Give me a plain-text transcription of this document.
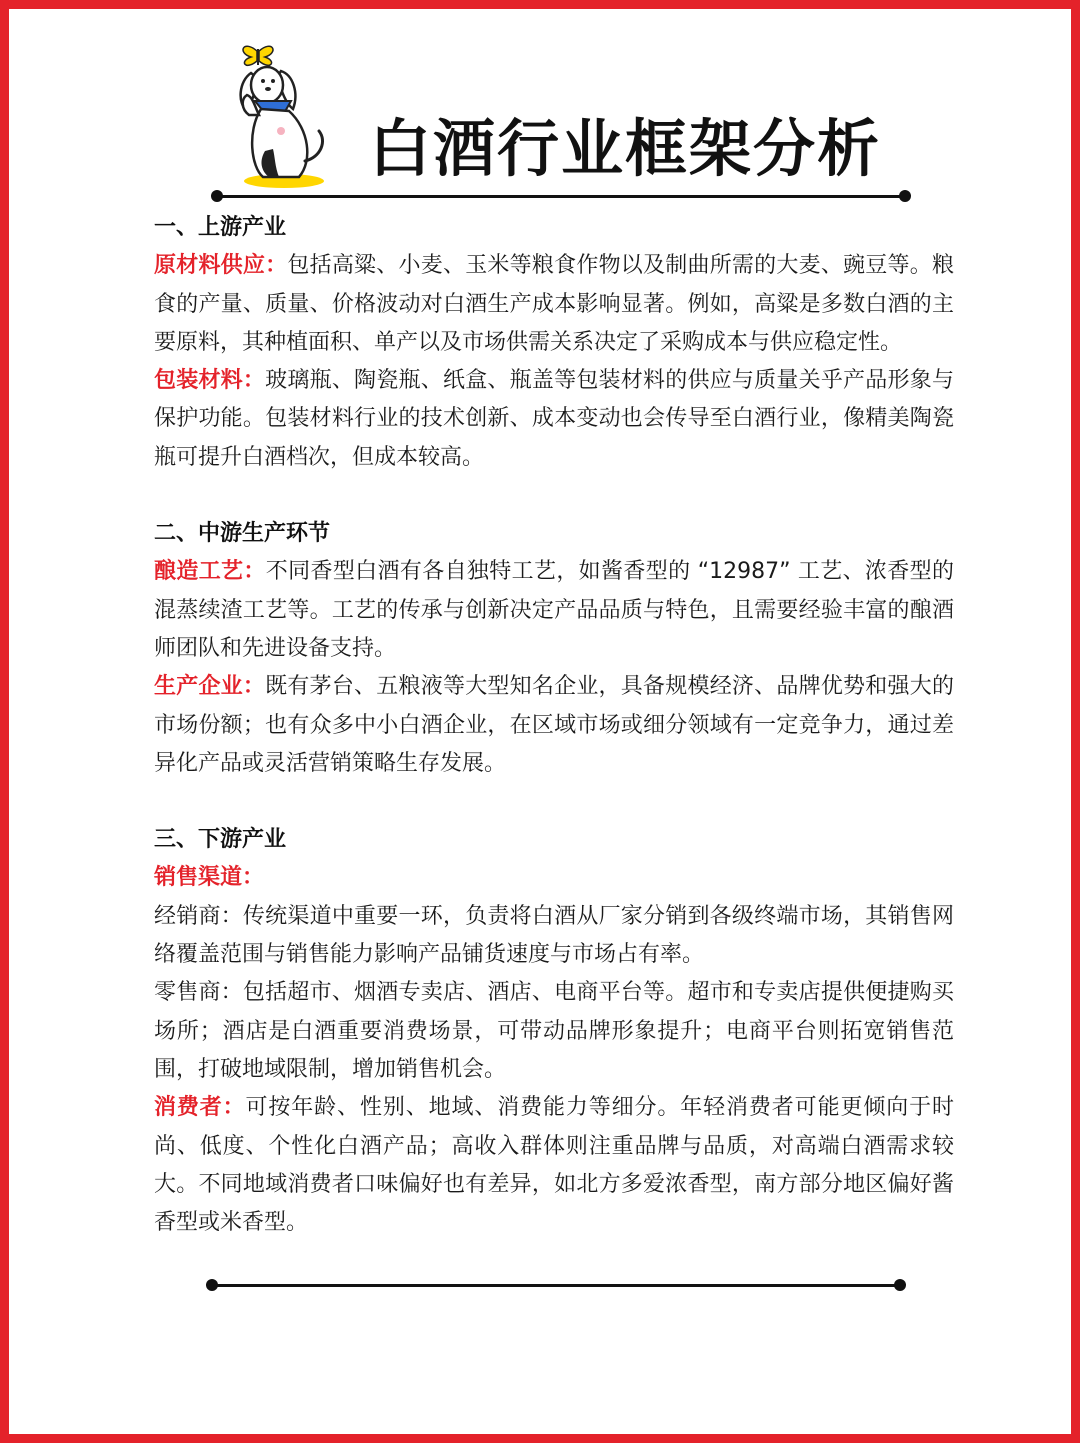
白酒行业框架分析
一、上游产业

原材料供应：包括高粱、小麦、玉米等粮食作物以及制曲所需的大麦、豌豆等。粮食的产量、质量、价格波动对白酒生产成本影响显著。例如，高粱是多数白酒的主要原料，其种植面积、单产以及市场供需关系决定了采购成本与供应稳定性。

包装材料：玻璃瓶、陶瓷瓶、纸盒、瓶盖等包装材料的供应与质量关乎产品形象与保护功能。包装材料行业的技术创新、成本变动也会传导至白酒行业，像精美陶瓷瓶可提升白酒档次，但成本较高。

二、中游生产环节

酿造工艺：不同香型白酒有各自独特工艺，如酱香型的 “12987” 工艺、浓香型的混蒸续渣工艺等。工艺的传承与创新决定产品品质与特色，且需要经验丰富的酿酒师团队和先进设备支持。

生产企业：既有茅台、五粮液等大型知名企业，具备规模经济、品牌优势和强大的市场份额；也有众多中小白酒企业，在区域市场或细分领域有一定竞争力，通过差异化产品或灵活营销策略生存发展。

三、下游产业

销售渠道：

经销商：传统渠道中重要一环，负责将白酒从厂家分销到各级终端市场，其销售网络覆盖范围与销售能力影响产品铺货速度与市场占有率。

零售商：包括超市、烟酒专卖店、酒店、电商平台等。超市和专卖店提供便捷购买场所；酒店是白酒重要消费场景，可带动品牌形象提升；电商平台则拓宽销售范围，打破地域限制，增加销售机会。

消费者：可按年龄、性别、地域、消费能力等细分。年轻消费者可能更倾向于时尚、低度、个性化白酒产品；高收入群体则注重品牌与品质，对高端白酒需求较大。不同地域消费者口味偏好也有差异，如北方多爱浓香型，南方部分地区偏好酱香型或米香型。
